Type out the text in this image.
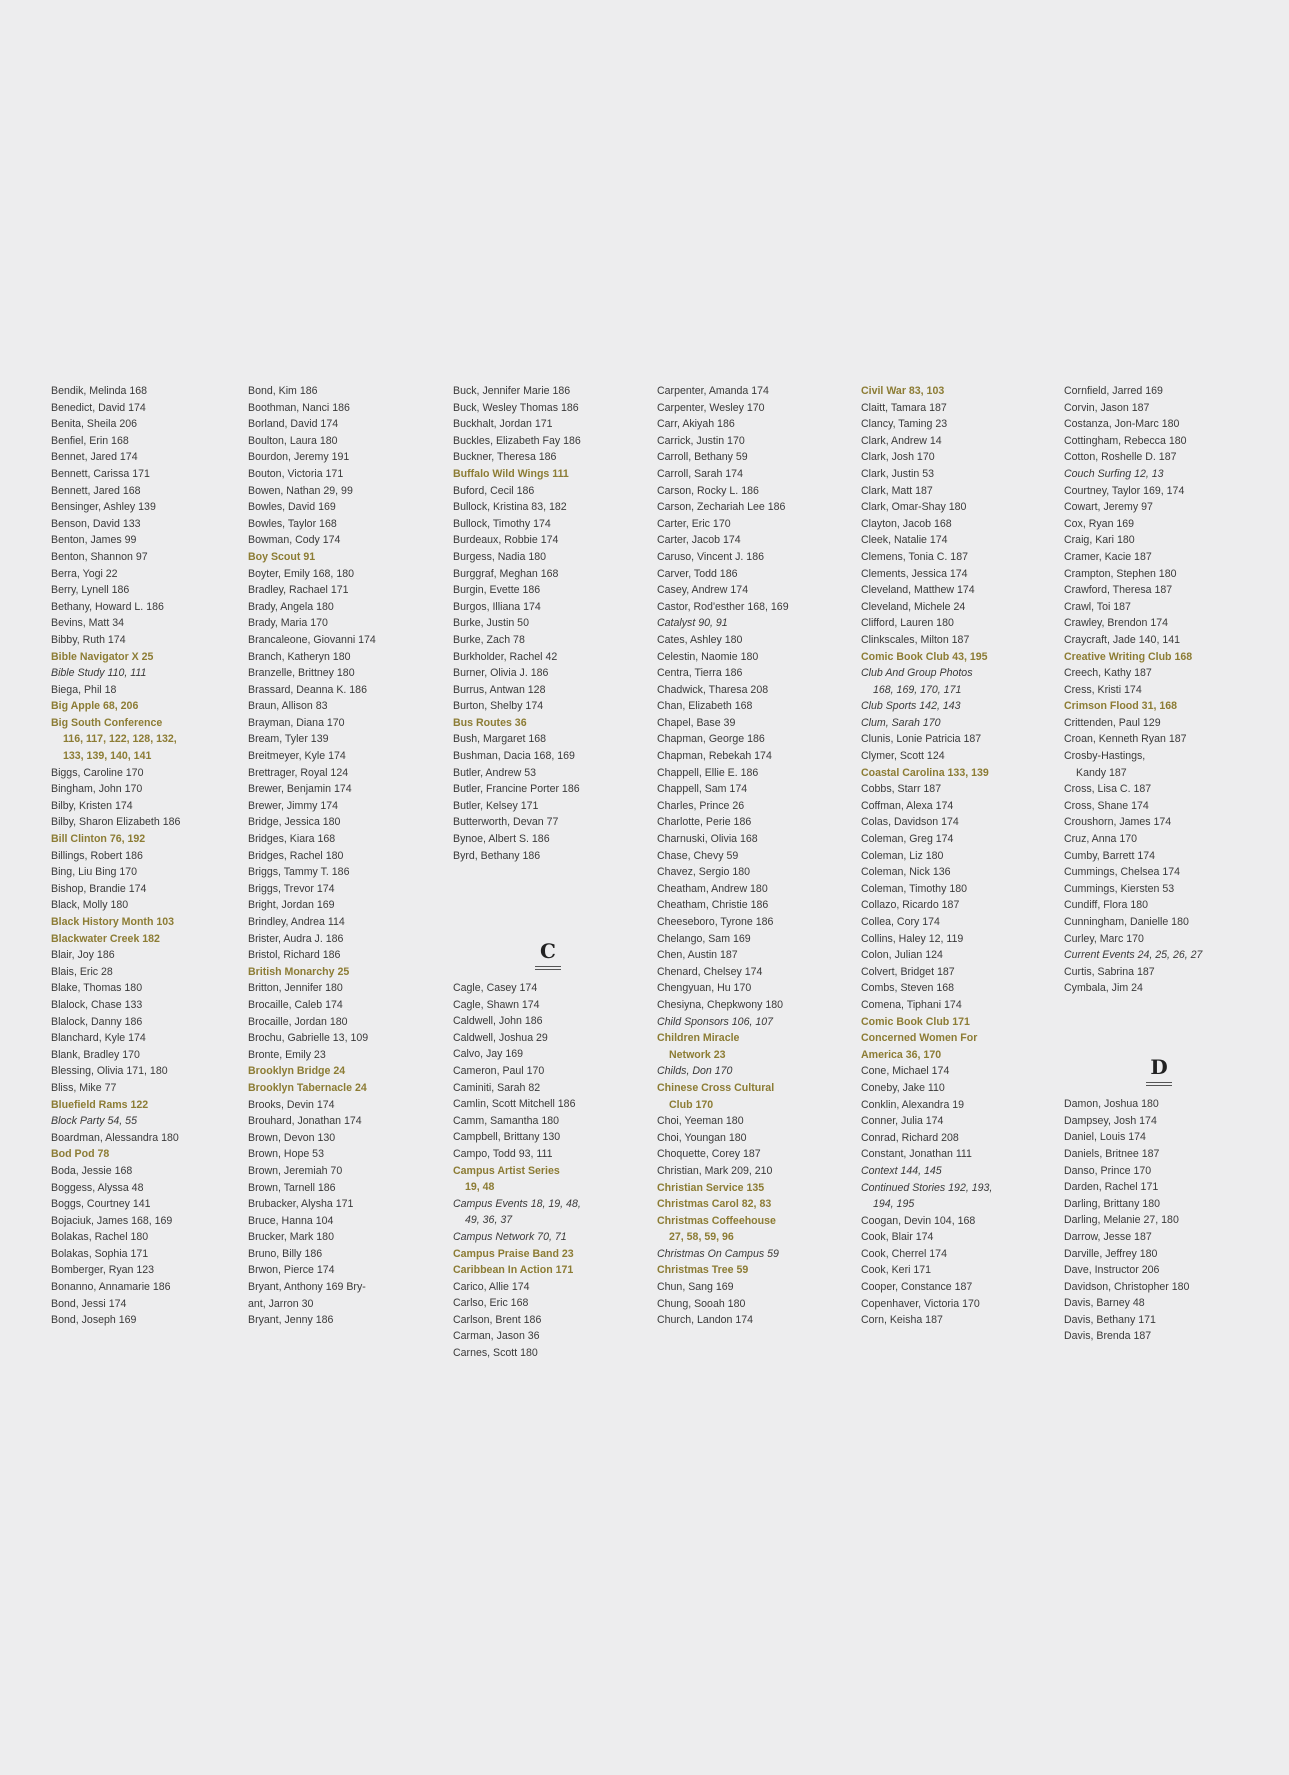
Bendik, Melinda 168
Benedict, David 174
Benita, Sheila 206
Benfiel, Erin 168
Bennet, Jared 174
Bennett, Carissa 171
Bennett, Jared 168
Bensinger, Ashley 139
Benson, David 133
Benton, James 99
Benton, Shannon 97
Berra, Yogi 22
Berry, Lynell 186
Bethany, Howard L. 186
Bevins, Matt 34
Bibby, Ruth 174
Bible Navigator X 25
Bible Study 110, 111
Biega, Phil 18
Big Apple 68, 206
Big South Conference
116, 117, 122, 128, 132,
133, 139, 140, 141
Biggs, Caroline 170
Bingham, John 170
Bilby, Kristen 174
Bilby, Sharon Elizabeth 186
Bill Clinton 76, 192
Billings, Robert 186
Bing, Liu Bing 170
Bishop, Brandie 174
Black, Molly 180
Black History Month 103
Blackwater Creek 182
Blair, Joy 186
Blais, Eric 28
Blake, Thomas 180
Blalock, Chase 133
Blalock, Danny 186
Blanchard, Kyle 174
Blank, Bradley 170
Blessing, Olivia 171, 180
Bliss, Mike 77
Bluefield Rams 122
Block Party 54, 55
Boardman, Alessandra 180
Bod Pod 78
Boda, Jessie 168
Boggess, Alyssa 48
Boggs, Courtney 141
Bojaciuk, James 168, 169
Bolakas, Rachel 180
Bolakas, Sophia 171
Bomberger, Ryan 123
Bonanno, Annamarie 186
Bond, Jessi 174
Bond, Joseph 169
Bond, Kim 186
Boothman, Nanci 186
Borland, David 174
Boulton, Laura 180
Bourdon, Jeremy 191
Bouton, Victoria 171
Bowen, Nathan 29, 99
Bowles, David 169
Bowles, Taylor 168
Bowman, Cody 174
Boy Scout 91
Boyter, Emily 168, 180
Bradley, Rachael 171
Brady, Angela 180
Brady, Maria 170
Brancaleone, Giovanni 174
Branch, Katheryn 180
Branzelle, Brittney 180
Brassard, Deanna K. 186
Braun, Allison 83
Brayman, Diana 170
Bream, Tyler 139
Breitmeyer, Kyle 174
Brettrager, Royal 124
Brewer, Benjamin 174
Brewer, Jimmy 174
Bridge, Jessica 180
Bridges, Kiara 168
Bridges, Rachel 180
Briggs, Tammy T. 186
Briggs, Trevor 174
Bright, Jordan 169
Brindley, Andrea 114
Brister, Audra J. 186
Bristol, Richard 186
British Monarchy 25
Britton, Jennifer 180
Brocaille, Caleb 174
Brocaille, Jordan 180
Brochu, Gabrielle 13, 109
Bronte, Emily 23
Brooklyn Bridge 24
Brooklyn Tabernacle 24
Brooks, Devin 174
Brouhard, Jonathan 174
Brown, Devon 130
Brown, Hope 53
Brown, Jeremiah 70
Brown, Tarnell 186
Brubacker, Alysha 171
Bruce, Hanna 104
Brucker, Mark 180
Bruno, Billy 186
Brwon, Pierce 174
Bryant, Anthony 169 Bry-
ant, Jarron 30
Bryant, Jenny 186
Buck, Jennifer Marie 186
Buck, Wesley Thomas 186
Buckhalt, Jordan 171
Buckles, Elizabeth Fay 186
Buckner, Theresa 186
Buffalo Wild Wings 111
Buford, Cecil 186
Bullock, Kristina 83, 182
Bullock, Timothy 174
Burdeaux, Robbie 174
Burgess, Nadia 180
Burggraf, Meghan 168
Burgin, Evette 186
Burgos, Illiana 174
Burke, Justin 50
Burke, Zach 78
Burkholder, Rachel 42
Burner, Olivia J. 186
Burrus, Antwan 128
Burton, Shelby 174
Bus Routes 36
Bush, Margaret 168
Bushman, Dacia 168, 169
Butler, Andrew 53
Butler, Francine Porter 186
Butler, Kelsey 171
Butterworth, Devan 77
Bynoe, Albert S. 186
Byrd, Bethany 186
C
Cagle, Casey 174
Cagle, Shawn 174
Caldwell, John 186
Caldwell, Joshua 29
Calvo, Jay 169
Cameron, Paul 170
Caminiti, Sarah 82
Camlin, Scott Mitchell 186
Camm, Samantha 180
Campbell, Brittany 130
Campo, Todd 93, 111
Campus Artist Series
19, 48
Campus Events 18, 19, 48,
49, 36, 37
Campus Network 70, 71
Campus Praise Band 23
Caribbean In Action 171
Carico, Allie 174
Carlso, Eric 168
Carlson, Brent 186
Carman, Jason 36
Carnes, Scott 180
Carpenter, Amanda 174
Carpenter, Wesley 170
Carr, Akiyah 186
Carrick, Justin 170
Carroll, Bethany 59
Carroll, Sarah 174
Carson, Rocky L. 186
Carson, Zechariah Lee 186
Carter, Eric 170
Carter, Jacob 174
Caruso, Vincent J. 186
Carver, Todd 186
Casey, Andrew 174
Castor, Rod'esther 168, 169
Catalyst 90, 91
Cates, Ashley 180
Celestin, Naomie 180
Centra, Tierra 186
Chadwick, Tharesa 208
Chan, Elizabeth 168
Chapel, Base 39
Chapman, George 186
Chapman, Rebekah 174
Chappell, Ellie E. 186
Chappell, Sam 174
Charles, Prince 26
Charlotte, Perie 186
Charnuski, Olivia 168
Chase, Chevy 59
Chavez, Sergio 180
Cheatham, Andrew 180
Cheatham, Christie 186
Cheeseboro, Tyrone 186
Chelango, Sam 169
Chen, Austin 187
Chenard, Chelsey 174
Chengyuan, Hu 170
Chesiyna, Chepkwony 180
Child Sponsors 106, 107
Children Miracle
Network 23
Childs, Don 170
Chinese Cross Cultural
Club 170
Choi, Yeeman 180
Choi, Youngan 180
Choquette, Corey 187
Christian, Mark 209, 210
Christian Service 135
Christmas Carol 82, 83
Christmas Coffeehouse
27, 58, 59, 96
Christmas On Campus 59
Christmas Tree 59
Chun, Sang 169
Chung, Sooah 180
Church, Landon 174
Civil War 83, 103
Claitt, Tamara 187
Clancy, Taming 23
Clark, Andrew 14
Clark, Josh 170
Clark, Justin 53
Clark, Matt 187
Clark, Omar-Shay 180
Clayton, Jacob 168
Cleek, Natalie 174
Clemens, Tonia C. 187
Clements, Jessica 174
Cleveland, Matthew 174
Cleveland, Michele 24
Clifford, Lauren 180
Clinkscales, Milton 187
Comic Book Club 43, 195
Club And Group Photos
168, 169, 170, 171
Club Sports 142, 143
Clum, Sarah 170
Clunis, Lonie Patricia 187
Clymer, Scott 124
Coastal Carolina 133, 139
Cobbs, Starr 187
Coffman, Alexa 174
Colas, Davidson 174
Coleman, Greg 174
Coleman, Liz 180
Coleman, Nick 136
Coleman, Timothy 180
Collazo, Ricardo 187
Collea, Cory 174
Collins, Haley 12, 119
Colon, Julian 124
Colvert, Bridget 187
Combs, Steven 168
Comena, Tiphani 174
Comic Book Club 171
Concerned Women For
America 36, 170
Cone, Michael 174
Coneby, Jake 110
Conklin, Alexandra 19
Conner, Julia 174
Conrad, Richard 208
Constant, Jonathan 111
Context 144, 145
Continued Stories 192, 193,
194, 195
Coogan, Devin 104, 168
Cook, Blair 174
Cook, Cherrel 174
Cook, Keri 171
Cooper, Constance 187
Copenhaver, Victoria 170
Corn, Keisha 187
Cornfield, Jarred 169
Corvin, Jason 187
Costanza, Jon-Marc 180
Cottingham, Rebecca 180
Cotton, Roshelle D. 187
Couch Surfing 12, 13
Courtney, Taylor 169, 174
Cowart, Jeremy 97
Cox, Ryan 169
Craig, Kari 180
Cramer, Kacie 187
Crampton, Stephen 180
Crawford, Theresa 187
Crawl, Toi 187
Crawley, Brendon 174
Craycraft, Jade 140, 141
Creative Writing Club 168
Creech, Kathy 187
Cress, Kristi 174
Crimson Flood 31, 168
Crittenden, Paul 129
Croan, Kenneth Ryan 187
Crosby-Hastings,
Kandy 187
Cross, Lisa C. 187
Cross, Shane 174
Croushorn, James 174
Cruz, Anna 170
Cumby, Barrett 174
Cummings, Chelsea 174
Cummings, Kiersten 53
Cundiff, Flora 180
Cunningham, Danielle 180
Curley, Marc 170
Current Events 24, 25, 26, 27
Curtis, Sabrina 187
Cymbala, Jim 24
D
Damon, Joshua 180
Dampsey, Josh 174
Daniel, Louis 174
Daniels, Britnee 187
Danso, Prince 170
Darden, Rachel 171
Darling, Brittany 180
Darling, Melanie 27, 180
Darrow, Jesse 187
Darville, Jeffrey 180
Dave, Instructor 206
Davidson, Christopher 180
Davis, Barney 48
Davis, Bethany 171
Davis, Brenda 187
